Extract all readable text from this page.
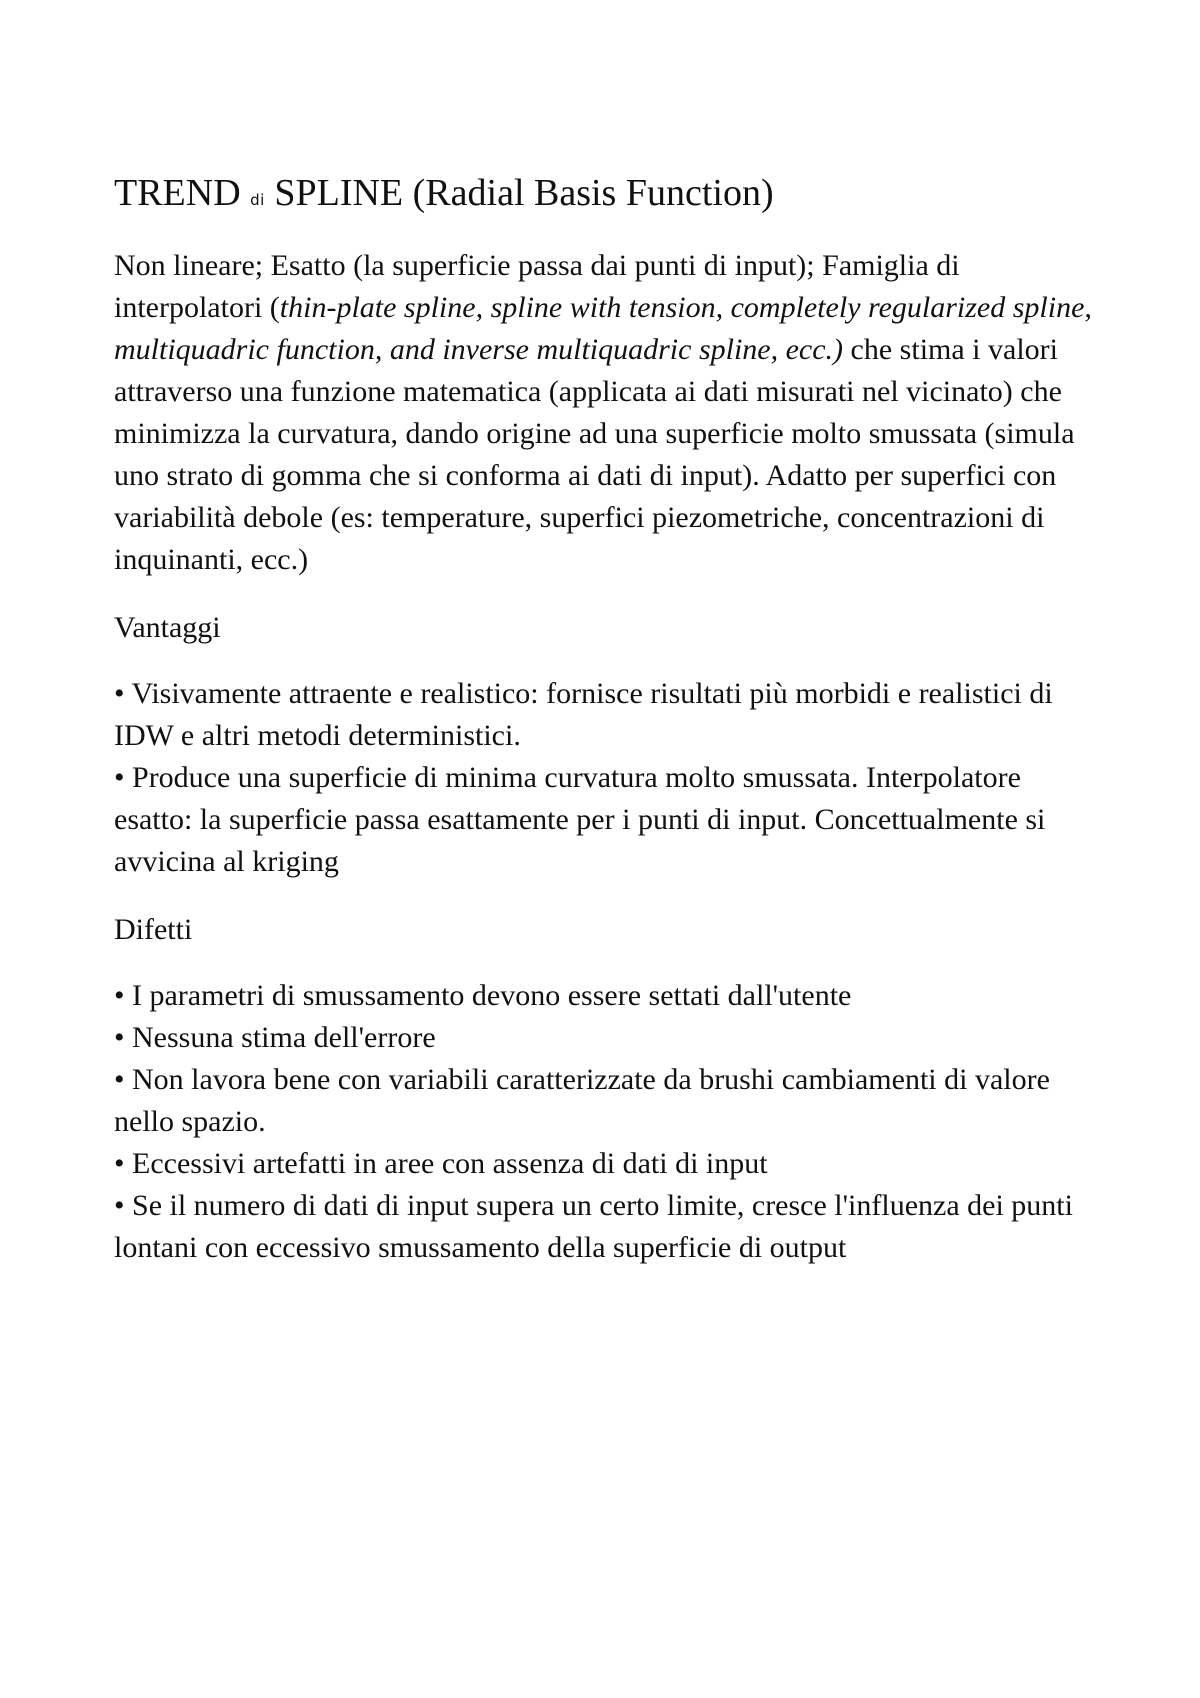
TREND di SPLINE (Radial Basis Function)

Non lineare; Esatto (la superficie passa dai punti di input); Famiglia di interpolatori (thin-plate spline, spline with tension, completely regularized spline, multiquadric function, and inverse multiquadric spline, ecc.) che stima i valori attraverso una funzione matematica (applicata ai dati misurati nel vicinato) che minimizza la curvatura, dando origine ad una superficie molto smussata (simula uno strato di gomma che si conforma ai dati di input). Adatto per superfici con variabilità debole (es: temperature, superfici piezometriche, concentrazioni di inquinanti, ecc.)

Vantaggi
• Visivamente attraente e realistico: fornisce risultati più morbidi e realistici di IDW e altri metodi deterministici.
• Produce una superficie di minima curvatura molto smussata. Interpolatore esatto: la superficie passa esattamente per i punti di input. Concettualmente si avvicina al kriging
Difetti
• I parametri di smussamento devono essere settati dall'utente
• Nessuna stima dell'errore
• Non lavora bene con variabili caratterizzate da brushi cambiamenti di valore nello spazio.
• Eccessivi artefatti in aree con assenza di dati di input
• Se il numero di dati di input supera un certo limite, cresce l'influenza dei punti lontani con eccessivo smussamento della superficie di output
